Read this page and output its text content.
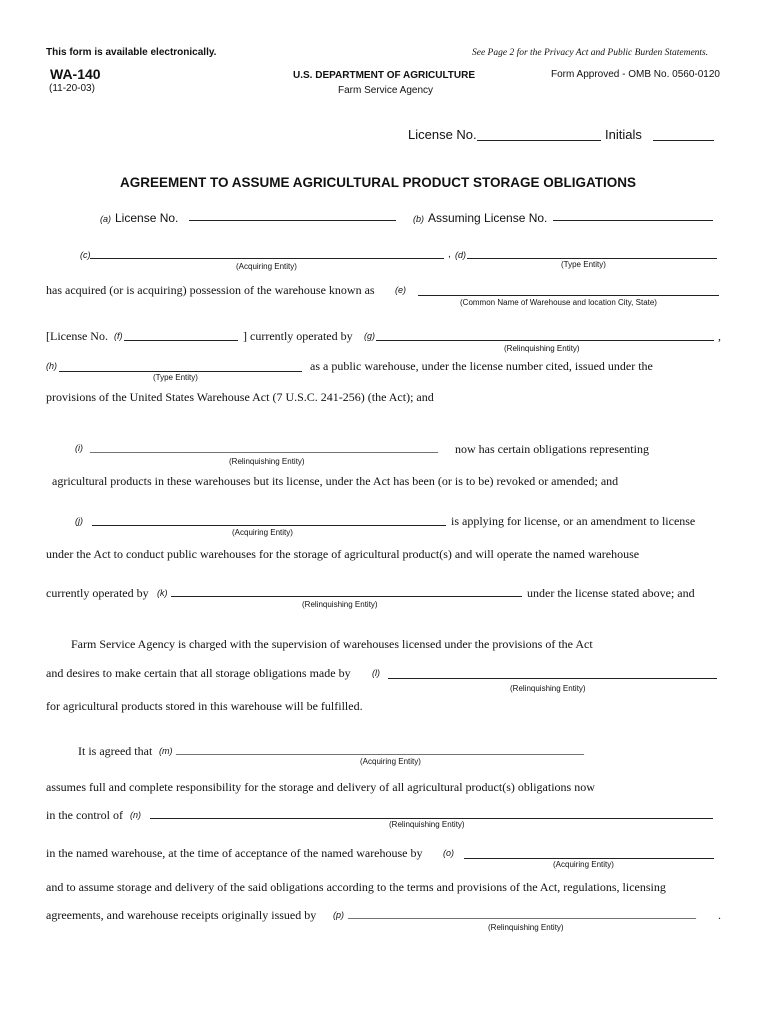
This form is available electronically.	See Page 2 for the Privacy Act and Public Burden Statements.
WA-140
(11-20-03)
U.S. DEPARTMENT OF AGRICULTURE
Farm Service Agency
Form Approved - OMB No. 0560-0120
License No.	Initials
AGREEMENT TO ASSUME AGRICULTURAL PRODUCT STORAGE OBLIGATIONS
(a) License No.	(b) Assuming License No.
(c)	, (d)
(Acquiring Entity)	(Type Entity)
has acquired (or is acquiring) possession of the warehouse known as (e)
(Common Name of Warehouse and location City, State)
[License No. (f)	] currently operated by (g)	,
(Relinquishing Entity)
(h)	as a public warehouse, under the license number cited, issued under the
(Type Entity)
provisions of the United States Warehouse Act (7 U.S.C. 241-256) (the Act); and
(i) __________________________________________________________ now has certain obligations representing
(Relinquishing Entity)
agricultural products in these warehouses but its license, under the Act has been (or is to be) revoked or amended; and
(j)	is applying for license, or an amendment to license
(Acquiring Entity)
under the Act to conduct public warehouses for the storage of agricultural product(s) and will operate the named warehouse
currently operated by (k)	under the license stated above; and
(Relinquishing Entity)
Farm Service Agency is charged with the supervision of warehouses licensed under the provisions of the Act
and desires to make certain that all storage obligations made by (l)
(Relinquishing Entity)
for agricultural products stored in this warehouse will be fulfilled.
It is agreed that (m) ____________________________________________________________________
(Acquiring Entity)
assumes full and complete responsibility for the storage and delivery of all agricultural product(s) obligations now
in the control of (n)
(Relinquishing Entity)
in the named warehouse, at the time of acceptance of the named warehouse by (o)
(Acquiring Entity)
and to assume storage and delivery of the said obligations according to the terms and provisions of the Act, regulations, licensing
agreements, and warehouse receipts originally issued by (p) __________________________________________________________ .
(Relinquishing Entity)
